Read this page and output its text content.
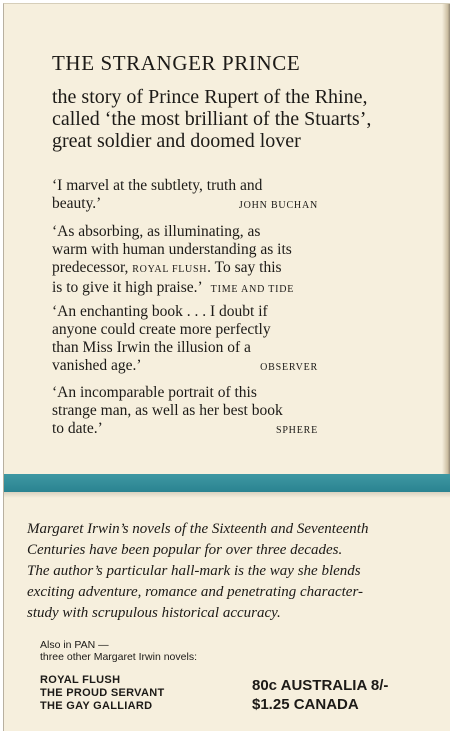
THE STRANGER PRINCE
the story of Prince Rupert of the Rhine,
called ‘the most brilliant of the Stuarts’,
great soldier and doomed lover
‘I marvel at the subtlety, truth and
beauty.’	JOHN BUCHAN
‘As absorbing, as illuminating, as
warm with human understanding as its
predecessor, ROYAL FLUSH. To say this
is to give it high praise.’ TIME AND TIDE
‘An enchanting book . . . I doubt if
anyone could create more perfectly
than Miss Irwin the illusion of a
vanished age.’	OBSERVER
‘An incomparable portrait of this
strange man, as well as her best book
to date.’	SPHERE
Margaret Irwin’s novels of the Sixteenth and Seventeenth
Centuries have been popular for over three decades.
The author’s particular hall-mark is the way she blends
exciting adventure, romance and penetrating character-
study with scrupulous historical accuracy.
Also in PAN —
three other Margaret Irwin novels:
ROYAL FLUSH
THE PROUD SERVANT
THE GAY GALLIARD
80c AUSTRALIA 8/-
$1.25 CANADA
